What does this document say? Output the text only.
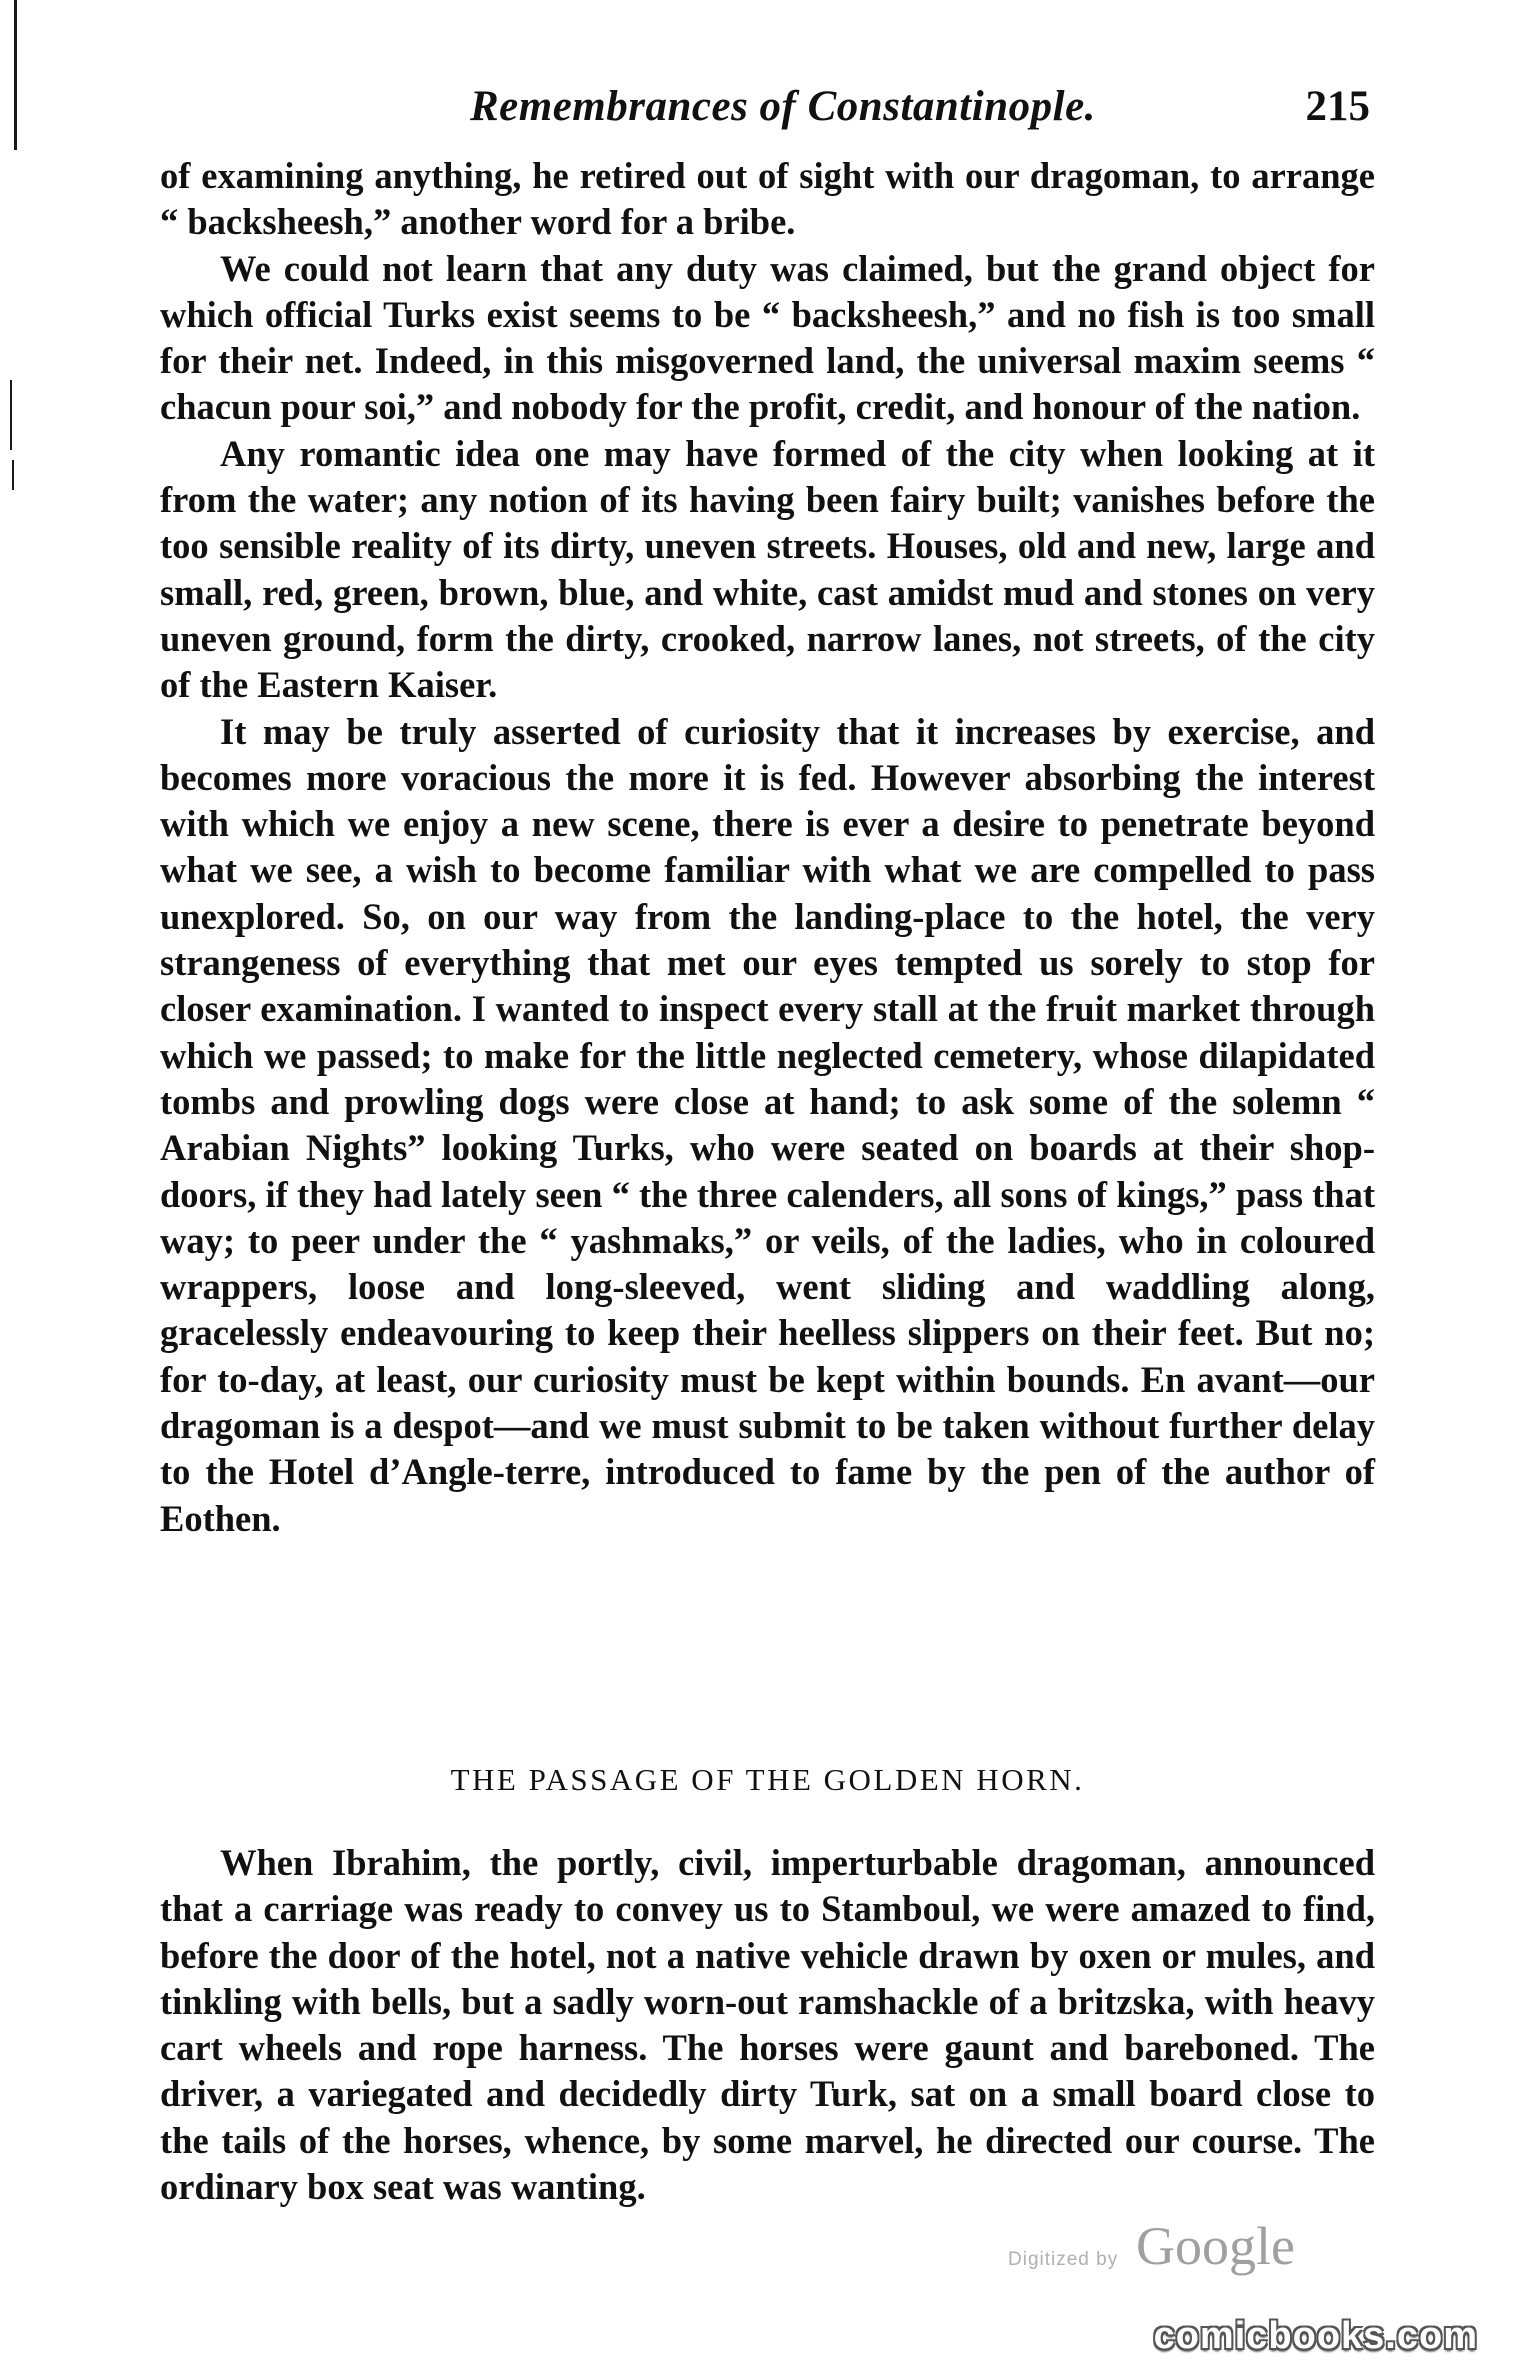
Remembrances of Constantinople.	215

of examining anything, he retired out of sight with our dragoman, to arrange “ backsheesh,” another word for a bribe.

We could not learn that any duty was claimed, but the grand object for which official Turks exist seems to be “ backsheesh,” and no fish is too small for their net. Indeed, in this misgoverned land, the universal maxim seems “ chacun pour soi,” and nobody for the profit, credit, and honour of the nation.

Any romantic idea one may have formed of the city when looking at it from the water; any notion of its having been fairy built; vanishes before the too sensible reality of its dirty, uneven streets. Houses, old and new, large and small, red, green, brown, blue, and white, cast amidst mud and stones on very uneven ground, form the dirty, crooked, narrow lanes, not streets, of the city of the Eastern Kaiser.

It may be truly asserted of curiosity that it increases by exercise, and becomes more voracious the more it is fed. However absorbing the interest with which we enjoy a new scene, there is ever a desire to penetrate beyond what we see, a wish to become familiar with what we are compelled to pass unexplored. So, on our way from the landing-place to the hotel, the very strangeness of everything that met our eyes tempted us sorely to stop for closer examination. I wanted to inspect every stall at the fruit market through which we passed; to make for the little neglected cemetery, whose dilapidated tombs and prowling dogs were close at hand; to ask some of the solemn “ Arabian Nights” looking Turks, who were seated on boards at their shop-doors, if they had lately seen “ the three calenders, all sons of kings,” pass that way; to peer under the “ yashmaks,” or veils, of the ladies, who in coloured wrappers, loose and long-sleeved, went sliding and waddling along, gracelessly endeavouring to keep their heelless slippers on their feet. But no; for to-day, at least, our curiosity must be kept within bounds. En avant—our dragoman is a despot—and we must submit to be taken without further delay to the Hotel d’Angle-terre, introduced to fame by the pen of the author of Eothen.

THE PASSAGE OF THE GOLDEN HORN.

When Ibrahim, the portly, civil, imperturbable dragoman, announced that a carriage was ready to convey us to Stamboul, we were amazed to find, before the door of the hotel, not a native vehicle drawn by oxen or mules, and tinkling with bells, but a sadly worn-out ramshackle of a britzska, with heavy cart wheels and rope harness. The horses were gaunt and bareboned. The driver, a variegated and decidedly dirty Turk, sat on a small board close to the tails of the horses, whence, by some marvel, he directed our course. The ordinary box seat was wanting.

Digitized by Google
comicbooks.com
